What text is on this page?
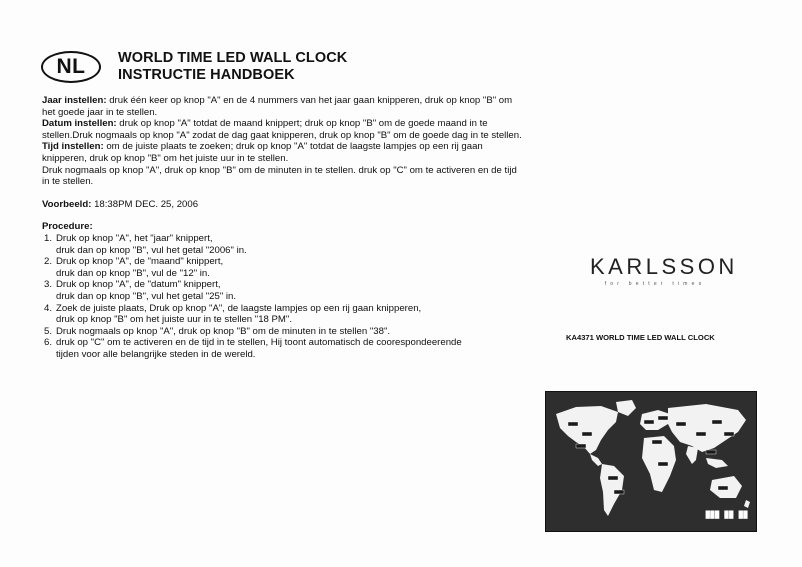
NL	WORLD TIME LED WALL CLOCK
INSTRUCTIE HANDBOEK

Jaar instellen: druk één keer op knop "A" en de 4 nummers van het jaar gaan knipperen, druk op knop "B" om het goede jaar in te stellen.

Datum instellen: druk op knop "A" totdat de maand knippert; druk op knop "B" om de goede maand in te stellen.Druk nogmaals op knop "A" zodat de dag gaat knipperen, druk op knop "B" om de goede dag in te stellen.

Tijd instellen: om de juiste plaats te zoeken; druk op knop "A" totdat de laagste lampjes op een rij gaan knipperen, druk op knop "B" om het juiste uur in te stellen.

Druk nogmaals op knop "A", druk op knop "B" om de minuten in te stellen. druk op "C" om te activeren en de tijd in te stellen.

Voorbeeld: 18:38PM DEC. 25, 2006

Procedure:

1. Druk op knop "A", het "jaar" knippert,
druk dan op knop "B", vul het getal "2006" in.
2. Druk op knop "A", de "maand" knippert,
druk dan op knop "B", vul de "12" in.
3. Druk op knop "A", de "datum" knippert,
druk dan op knop "B", vul het getal "25" in.
4. Zoek de juiste plaats, Druk op knop "A", de laagste lampjes op een rij gaan knipperen,
druk op knop "B" om het juiste uur in te stellen "18 PM".
5. Druk nogmaals op knop "A", druk op knop "B" om de minuten in te stellen "38".
6. druk op "C" om te activeren en de tijd in te stellen, Hij toont automatisch de coorespondeerende
tijden voor alle belangrijke steden in de wereld.
KARLSSON
for better times
KA4371 WORLD TIME LED WALL CLOCK
███ ██ ██
